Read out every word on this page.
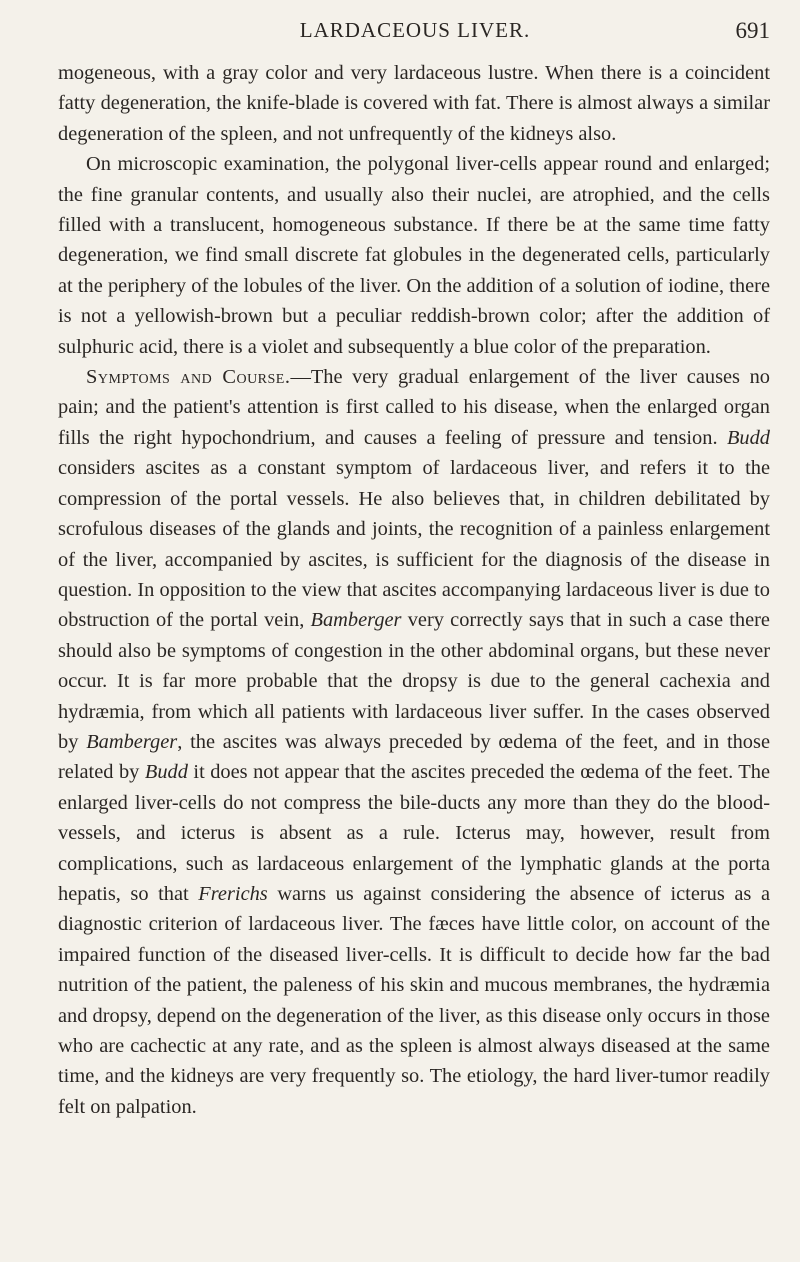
LARDACEOUS LIVER.	691

mogeneous, with a gray color and very lardaceous lustre. When there is a coincident fatty degeneration, the knife-blade is covered with fat. There is almost always a similar degeneration of the spleen, and not unfrequently of the kidneys also.

On microscopic examination, the polygonal liver-cells appear round and enlarged; the fine granular contents, and usually also their nuclei, are atrophied, and the cells filled with a translucent, homogeneous substance. If there be at the same time fatty degeneration, we find small discrete fat globules in the degenerated cells, particularly at the periphery of the lobules of the liver. On the addition of a solution of iodine, there is not a yellowish-brown but a peculiar reddish-brown color; after the addition of sulphuric acid, there is a violet and subsequently a blue color of the preparation.

Symptoms and Course.—The very gradual enlargement of the liver causes no pain; and the patient's attention is first called to his disease, when the enlarged organ fills the right hypochondrium, and causes a feeling of pressure and tension. Budd considers ascites as a constant symptom of lardaceous liver, and refers it to the compression of the portal vessels. He also believes that, in children debilitated by scrofulous diseases of the glands and joints, the recognition of a painless enlargement of the liver, accompanied by ascites, is sufficient for the diagnosis of the disease in question. In opposition to the view that ascites accompanying lardaceous liver is due to obstruction of the portal vein, Bamberger very correctly says that in such a case there should also be symptoms of congestion in the other abdominal organs, but these never occur. It is far more probable that the dropsy is due to the general cachexia and hydræmia, from which all patients with lardaceous liver suffer. In the cases observed by Bamberger, the ascites was always preceded by œdema of the feet, and in those related by Budd it does not appear that the ascites preceded the œdema of the feet. The enlarged liver-cells do not compress the bile-ducts any more than they do the blood-vessels, and icterus is absent as a rule. Icterus may, however, result from complications, such as lardaceous enlargement of the lymphatic glands at the porta hepatis, so that Frerichs warns us against considering the absence of icterus as a diagnostic criterion of lardaceous liver. The fæces have little color, on account of the impaired function of the diseased liver-cells. It is difficult to decide how far the bad nutrition of the patient, the paleness of his skin and mucous membranes, the hydræmia and dropsy, depend on the degeneration of the liver, as this disease only occurs in those who are cachectic at any rate, and as the spleen is almost always diseased at the same time, and the kidneys are very frequently so. The etiology, the hard liver-tumor readily felt on palpation.
